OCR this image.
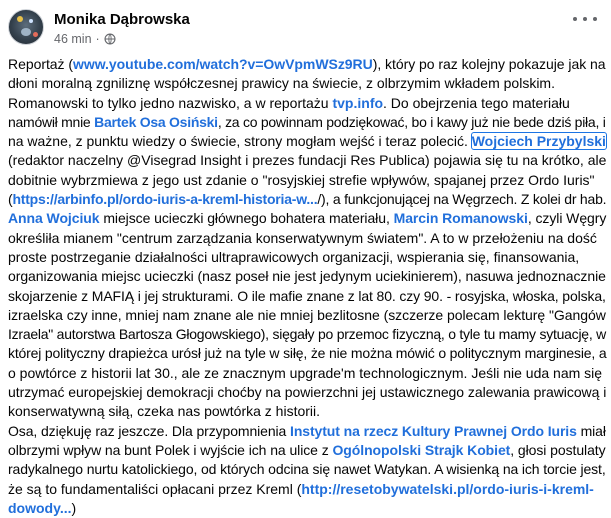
Monika Dąbrowska
46 min ·
Reportaż (www.youtube.com/watch?v=OwVpmWSz9RU), który po raz kolejny pokazuje jak na
dłoni moralną zgniliznę współczesnej prawicy na świecie, z olbrzymim wkładem polskim.
Romanowski to tylko jedno nazwisko, a w reportażu tvp.info. Do obejrzenia tego materiału
namówił mnie Bartek Osa Osiński, za co powinnam podziękować, bo i kawy już nie bede dziś piła, i
na ważne, z punktu wiedzy o świecie, strony mogłam wejść i teraz polecić. Wojciech Przybylski
(redaktor naczelny @Visegrad Insight i prezes fundacji Res Publica) pojawia się tu na krótko, ale
dobitnie wybrzmiewa z jego ust zdanie o "rosyjskiej strefie wpływów, spajanej przez Ordo Iuris"
(https://arbinfo.pl/ordo-iuris-a-kreml-historia-w.../), a funkcjonującej na Węgrzech. Z kolei dr hab.
Anna Wojciuk miejsce ucieczki głównego bohatera materiału, Marcin Romanowski, czyli Węgry
określiła mianem "centrum zarządzania konserwatywnym światem". A to w przełożeniu na dość
proste postrzeganie działalności ultraprawicowych organizacji, wspierania się, finansowania,
organizowania miejsc ucieczki (nasz poseł nie jest jedynym uciekinierem), nasuwa jednoznacznie
skojarzenie z MAFIĄ i jej strukturami. O ile mafie znane z lat 80. czy 90. - rosyjska, włoska, polska,
izraelska czy inne, mniej nam znane ale nie mniej bezlitosne (szczerze polecam lekturę "Gangów
Izraela" autorstwa Bartosza Głogowskiego), sięgały po przemoc fizyczną, o tyle tu mamy sytuację, w
której polityczny drapieżca urósł już na tyle w siłę, że nie można mówić o politycznym marginesie, a
o powtórce z historii lat 30., ale ze znacznym upgrade'm technologicznym. Jeśli nie uda nam się
utrzymać europejskiej demokracji choćby na powierzchni jej ustawicznego zalewania prawicową i
konserwatywną siłą, czeka nas powtórka z historii.
Osa, dziękuję raz jeszcze. Dla przypomnienia Instytut na rzecz Kultury Prawnej Ordo Iuris miał
olbrzymi wpływ na bunt Polek i wyjście ich na ulice z Ogólnopolski Strajk Kobiet, głosi postulaty
radykalnego nurtu katolickiego, od których odcina się nawet Watykan. A wisienką na ich torcie jest,
że są to fundamentaliści opłacani przez Kreml (http://resetobywatelski.pl/ordo-iuris-i-kreml-
dowody...)
